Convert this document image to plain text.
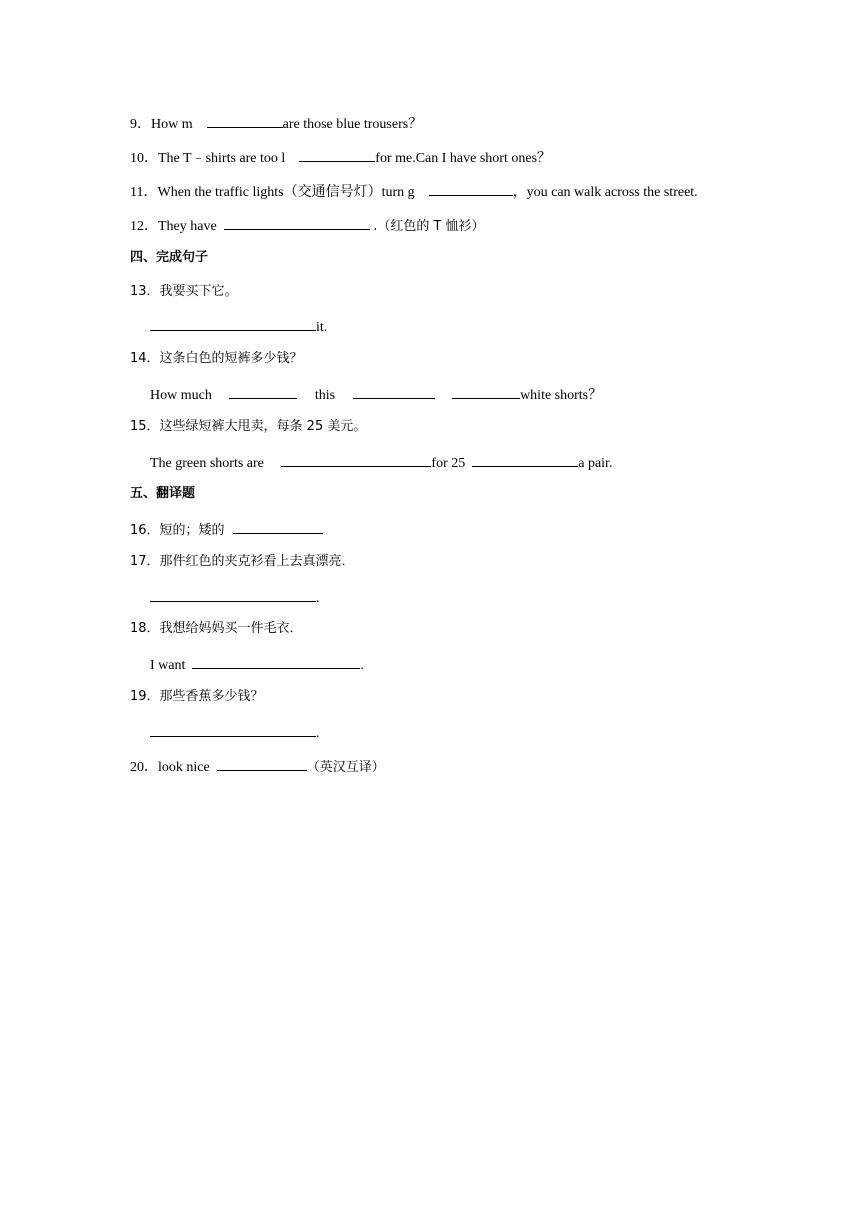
9．How m	are those blue trousers？
10．The T﹣shirts are too l	for me.Can I have short ones？
11．When the traffic lights（交通信号灯）turn g	，you can walk across the street.
12．They have	.（红色的 T 恤衫）
四、完成句子
13．我要买下它。
it.
14．这条白色的短裤多少钱？
How much	this	white shorts？
15．这些绿短裤大甩卖，每条 25 美元。
The green shorts are	for 25	a pair.
五、翻译题
16．短的；矮的
17．那件红色的夹克衫看上去真漂亮．
.
18．我想给妈妈买一件毛衣．
I want	.
19．那些香蕉多少钱？
.
20．look nice	（英汉互译）
